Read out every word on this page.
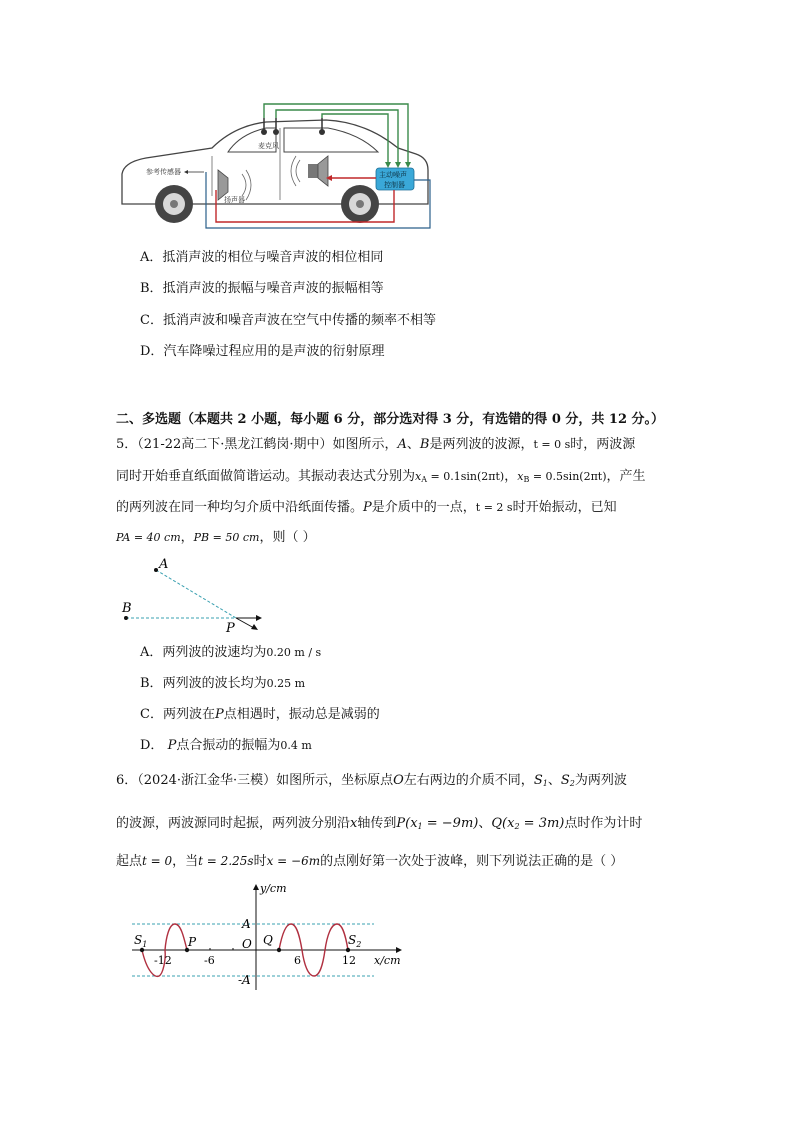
麦克风
主动噪声
控制器
扬声器
参考传感器
A．抵消声波的相位与噪音声波的相位相同
B．抵消声波的振幅与噪音声波的振幅相等
C．抵消声波和噪音声波在空气中传播的频率不相等
D．汽车降噪过程应用的是声波的衍射原理
二、多选题（本题共 2 小题，每小题 6 分，部分选对得 3 分，有选错的得 0 分，共 12 分。）
5．（21-22高二下·黑龙江鹤岗·期中）如图所示，A、B是两列波的波源，t = 0 s时，两波源
同时开始垂直纸面做简谐运动。其振动表达式分别为$x_A = 0.1\sin(2\pi t)$，$x_B = 0.5\sin(2\pi t)$，产生
的两列波在同一种均匀介质中沿纸面传播。P是介质中的一点，t = 2 s时开始振动，已知
PA = 40 cm，PB = 50 cm，则（ ）
A
B
P
A．两列波的波速均为0.20 m / s
B．两列波的波长均为0.25 m
C．两列波在P点相遇时，振动总是减弱的
D． P点合振动的振幅为0.4 m
6．（2024·浙江金华·三模）如图所示，坐标原点O左右两边的介质不同，$S_1$、$S_2$为两列波
的波源，两波源同时起振，两列波分别沿x轴传到$P(x_1 = -9m)$、$Q(x_2 = 3m)$点时作为计时
起点t = 0，当t = 2.25s时x = −6m的点刚好第一次处于波峰，则下列说法正确的是（ ）
y/cm
x/cm
A
-A
O
$S_1$	$S_2$
P	Q
-12	-6	6	12
